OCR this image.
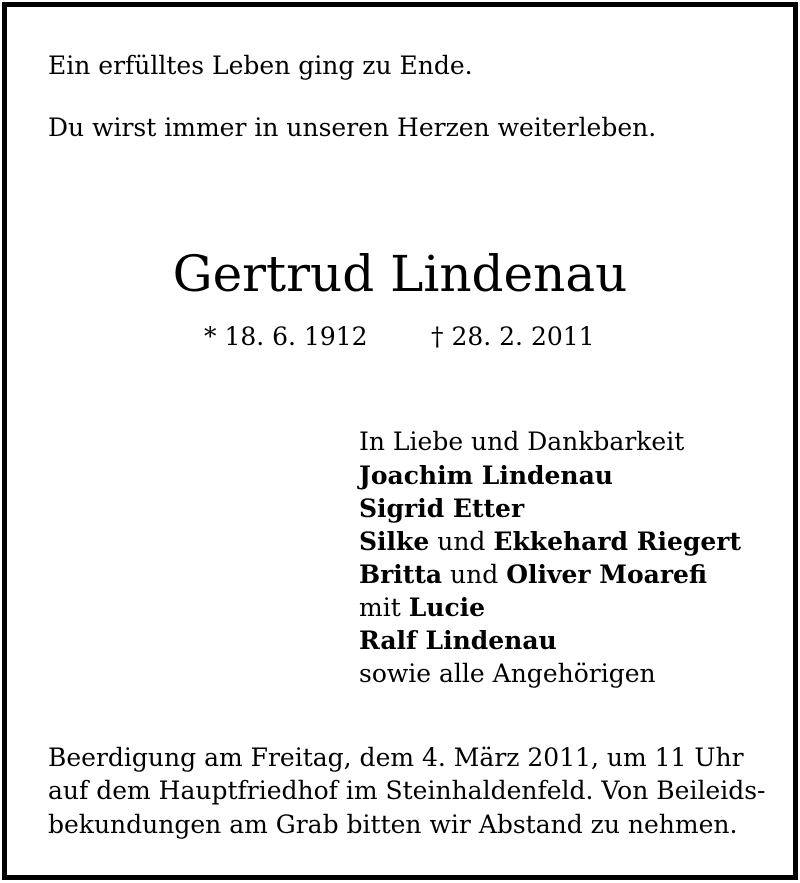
Ein erfülltes Leben ging zu Ende.
Du wirst immer in unseren Herzen weiterleben.
Gertrud Lindenau
* 18. 6. 1912	† 28. 2. 2011
In Liebe und Dankbarkeit
Joachim Lindenau
Sigrid Etter
Silke und Ekkehard Riegert
Britta und Oliver Moarefi
mit Lucie
Ralf Lindenau
sowie alle Angehörigen
Beerdigung am Freitag, dem 4. März 2011, um 11 Uhr
auf dem Hauptfriedhof im Steinhaldenfeld. Von Beileids-
bekundungen am Grab bitten wir Abstand zu nehmen.
